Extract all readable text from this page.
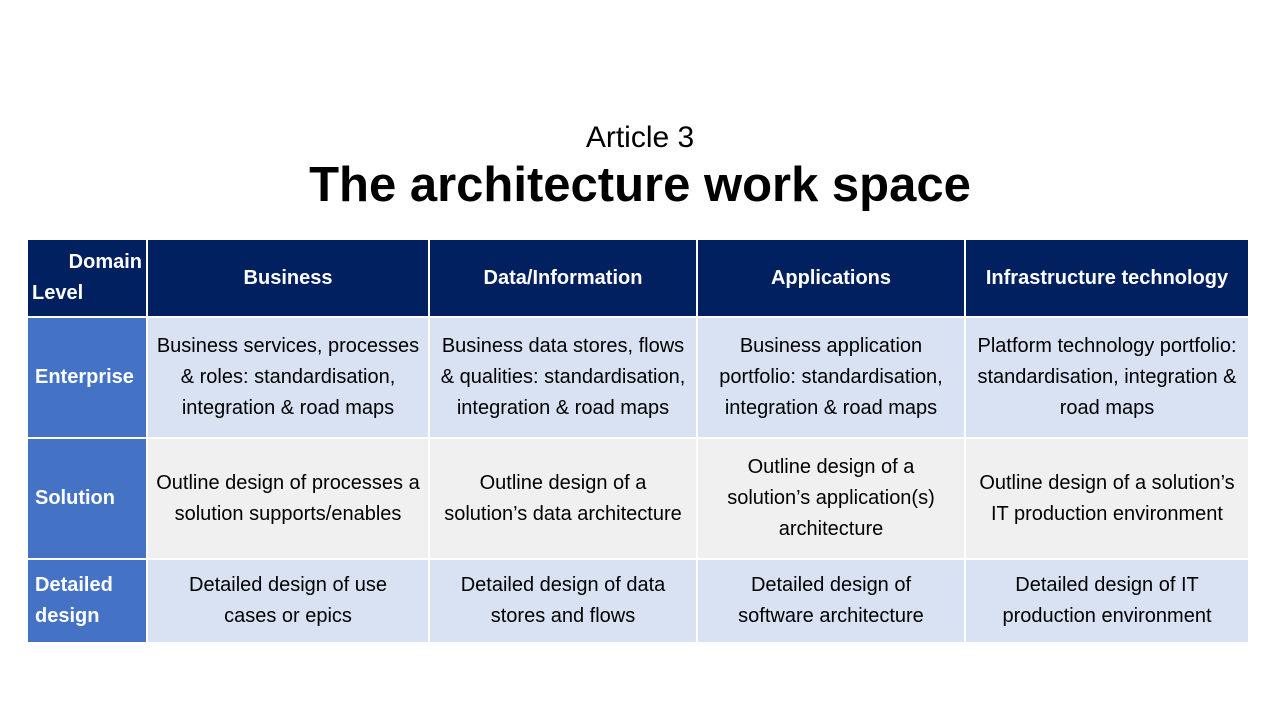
Article 3
The architecture work space
Domain
Level	Business	Data/Information	Applications	Infrastructure technology
Enterprise	Business services, processes & roles: standardisation, integration & road maps	Business data stores, flows & qualities: standardisation, integration & road maps	Business application portfolio: standardisation, integration & road maps	Platform technology portfolio: standardisation, integration & road maps

Solution	Outline design of processes a solution supports/enables	Outline design of a solution’s data architecture	Outline design of a solution’s application(s) architecture	Outline design of a solution’s IT production environment

Detailed design	Detailed design of use cases or epics	Detailed design of data stores and flows	Detailed design of software architecture	Detailed design of IT production environment
